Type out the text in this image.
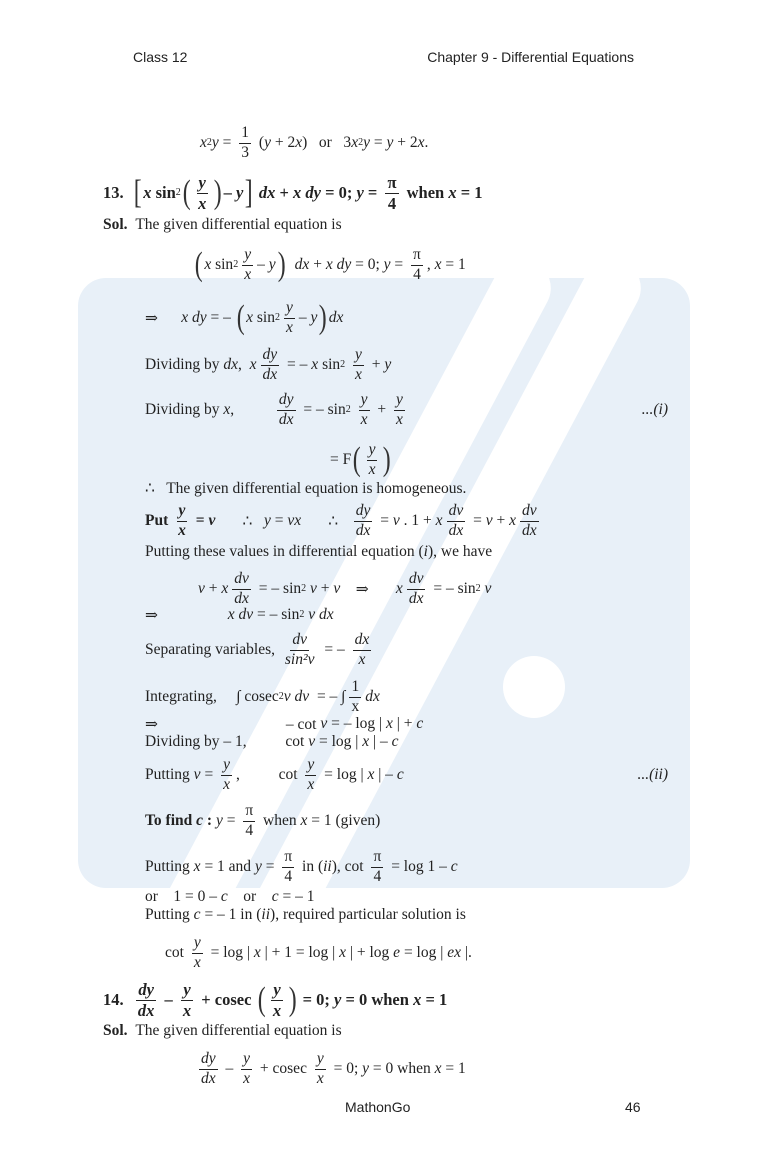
Class 12	Chapter 9 - Differential Equations
x 2 $y = \frac{1}{3}$ ( y + 2 x )   or   3 x 2 y = y + 2 x .
13. [ x sin 2 ( $\frac{y}{x}$ ) – y ] dx + x dy = 0; $y = \frac{\pi}{4}$ when x = 1
Sol. The given differential equation is
( x $\sin 2 \frac{y}{x}$ – y )
dx + x dy = 0; $y = \frac{\pi}{4}$ , x = 1
⇒ x dy = – ( x $\sin 2 \frac{y}{x}$ – y ) dx
Dividing by dx , x $\frac{dy}{dx}$ = – x sin 2
$\frac{y}{x} + y$
Dividing by x , $\frac{dy}{dx}$ = – sin 2
$\frac{y}{x} + \frac{y}{x}$	...(i)
= F ( $\frac{y}{x}$ )
∴   The given differential equation is homogeneous.
Put $\frac{y}{x} = v$ ∴ y = vx ∴ $\frac{dy}{dx} = v$ . 1 + x $\frac{dv}{dx} = v + x \frac{dv}{dx}$
Putting these values in differential equation ( i ), we have
v + x $\frac{dv}{dx}$ = – sin 2
v + v ⇒ x $\frac{dv}{dx}$ = – sin 2
v
⇒ x dv = – sin 2
v dx
Separating variables, $\frac{dv}{\text{sin²v}}$ = – $\frac{dx}{x}$
Integrating,     ∫ cosec 2 v dv = – ∫ $\frac{1}{x}$ dx
⇒                                 – cot v = – log | x | + c
Dividing by – 1,          cot v = log | x | – c
Putting $v = \frac{y}{x}$ ,          $\cot \frac{y}{x} = \log$ | x | – c	...(ii)
To find c : $y = \frac{\pi}{4}$ when x = 1 (given)
Putting x = 1 and $y = \frac{\pi}{4}$ in ( ii ), $\cot \frac{\pi}{4} = \log 1 - c$
or    1 = 0 – c or c = – 1
Putting c = – 1 in ( ii ), required particular solution is
$\cot \frac{y}{x} = \log$ | x | + 1 = log | x | + log e = log | ex |.
14. $\frac{dy}{dx} - \frac{y}{x} + cosec$ ( $\frac{y}{x}$ ) = 0; y = 0 when x = 1
Sol. The given differential equation is
$\frac{dy}{dx} - \frac{y}{x} + cosec \frac{y}{x} = 0$; y = 0 when x = 1
MathonGo	46
